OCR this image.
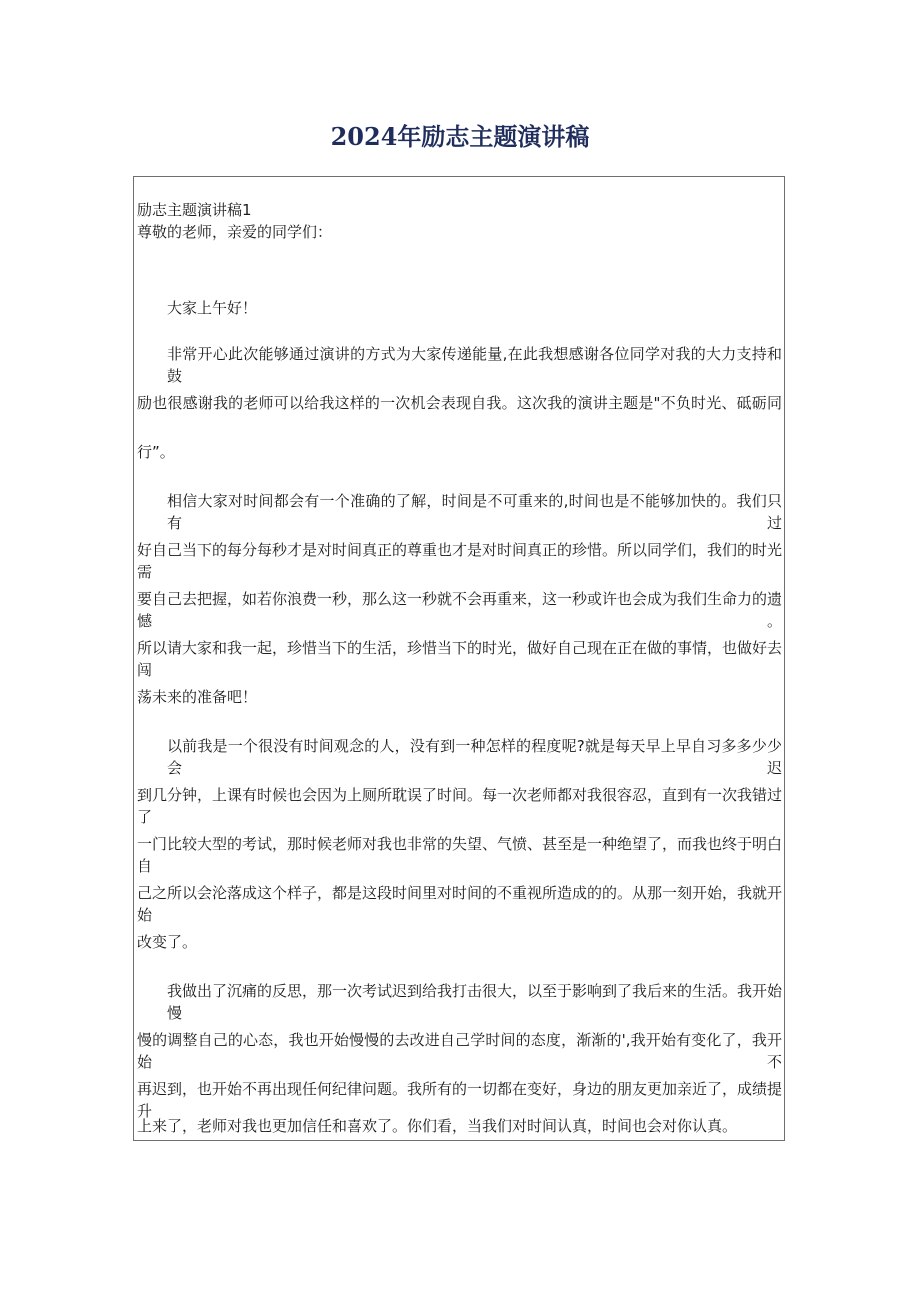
2024年励志主题演讲稿

励志主题演讲稿1

尊敬的老师，亲爱的同学们：

大家上午好！

非常开心此次能够通过演讲的方式为大家传递能量,在此我想感谢各位同学对我的大力支持和鼓

励也很感谢我的老师可以给我这样的一次机会表现自我。这次我的演讲主题是"不负时光、砥砺同

行”。

相信大家对时间都会有一个准确的了解，时间是不可重来的,时间也是不能够加快的。我们只有过

好自己当下的每分每秒才是对时间真正的尊重也才是对时间真正的珍惜。所以同学们，我们的时光需

要自己去把握，如若你浪费一秒，那么这一秒就不会再重来，这一秒或许也会成为我们生命力的遗憾。

所以请大家和我一起，珍惜当下的生活，珍惜当下的时光，做好自己现在正在做的事情，也做好去闯

荡未来的准备吧！

以前我是一个很没有时间观念的人，没有到一种怎样的程度呢?就是每天早上早自习多多少少会迟

到几分钟，上课有时候也会因为上厕所耽误了时间。每一次老师都对我很容忍，直到有一次我错过了

一门比较大型的考试，那时候老师对我也非常的失望、气愤、甚至是一种绝望了，而我也终于明白自

己之所以会沦落成这个样子，都是这段时间里对时间的不重视所造成的的。从那一刻开始，我就开始

改变了。

我做出了沉痛的反思，那一次考试迟到给我打击很大，以至于影响到了我后来的生活。我开始慢

慢的调整自己的心态，我也开始慢慢的去改进自己学时间的态度，渐渐的',我开始有变化了，我开始不

再迟到，也开始不再出现任何纪律问题。我所有的一切都在变好，身边的朋友更加亲近了，成绩提升

上来了，老师对我也更加信任和喜欢了。你们看，当我们对时间认真，时间也会对你认真。
